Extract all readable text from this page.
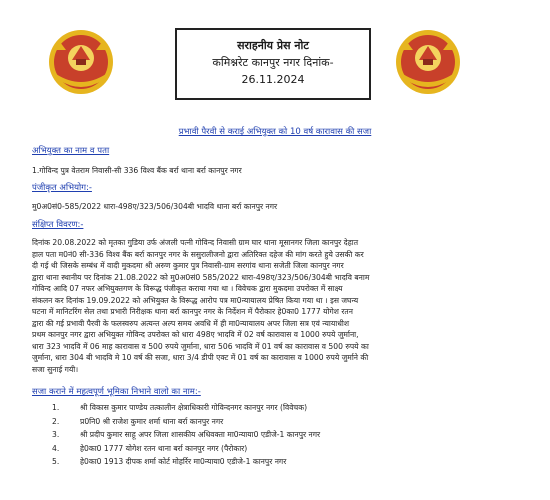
सराहनीय प्रेस नोट
कमिश्नरेट कानपुर नगर दिनांक-
26.11.2024
प्रभावी पैरवी से कराई अभियुक्त को 10 वर्ष कारावास की सजा
अभियुक्त का नाम व पता
1.गोविन्द पुत्र वेतराम निवासी-सी 336 विश्व बैंक बर्रा थाना बर्रा कानपुर नगर
पंजीकृत अभियोग:-
मु0अ0सं0-585/2022 धारा-498ए/323/506/304बी भादवि थाना बर्रा कानपुर नगर
संक्षिप्त विवरण:-
दिनांक 20.08.2022 को मृतका गुडिया उर्फ अंजली पत्नी गोविन्द निवासी ग्राम घार थाना मूसानगर जिला कानपुर देहात
हाल पता म0नं0 सी-336 विश्व बैंक बर्रा कानपुर नगर के ससुरालीजनो द्वारा अतिरिक्त दहेज की मांग करते हुये उसकी कर
दी गई थी जिसके सम्बंध में वादी मुकदमा श्री अरुण कुमार पुत्र निवासी-ग्राम सरगांव थाना सजेती जिला कानपुर नगर
द्वारा थाना स्थानीय पर दिनांक 21.08.2022 को मु0अ0सं0 585/2022 धारा-498ए/323/506/304बी भादवि बनाम
गोविन्द आदि 07 नफर अभियुक्तगण के विरूद्ध पंजीकृत कराया गया था । विवेचक द्वारा मुकदमा उपरोक्त में साक्ष्य
संकलन कर दिनांक 19.09.2022 को अभियुक्त के विरूद्ध आरोप पत्र मा0न्यायालय प्रेषित किया गया था । इस जघन्य
घटना में मानिटरिंग सेल तथा प्रभारी निरीक्षक थाना बर्रा कानपुर नगर के निर्देशन में पैरोकार हे0का0 1777 योगेश रतन
द्वारा की गई प्रभावी पैरवी के फलस्वरुप अत्यन्त अल्प समय अवधि में ही मा0न्यायालय अपर जिला सत्र एवं न्यायाधीश
प्रथम कानपुर नगर द्वारा अभियुक्त गोविन्द उपरोक्त को धारा 498ए भादवि में 02 वर्ष कारावास व 1000 रुपये जुर्माना,
धारा 323 भादवि में 06 माह कारावास व 500 रुपये जुर्माना, धारा 506 भादवि में 01 वर्ष का कारावास व 500 रुपये का
जुर्माना, धारा 304 बी भादवि मे 10 वर्ष की सजा, धारा 3/4 डीपी एक्ट में 01 वर्ष का कारावास व 1000 रुपये जुर्माने की
सजा सुनाई गयी।
सजा कराने में महत्वपूर्ण भूमिका निभाने वालो का नाम:-
1.	श्री विकास कुमार पाण्डेय तत्कालीन क्षेत्राधिकारी गोविन्दनगर कानपुर नगर (विवेचक)
2.	प्र0नि0 श्री राजेश कुमार शर्मा थाना बर्रा कानपुर नगर
3.	श्री प्रदीप कुमार साहू अपर जिला शासकीय अधिवक्ता मा0न्याया0 एडीजे-1 कानपुर नगर
4.	हे0का0 1777 योगेश रतन थाना बर्रा कानपुर नगर (पैरोकार)
5.	हे0का0 1913 दीपक शर्मा कोर्ट मोहर्रिर मा0न्याया0 एडीजे-1 कानपुर नगर
